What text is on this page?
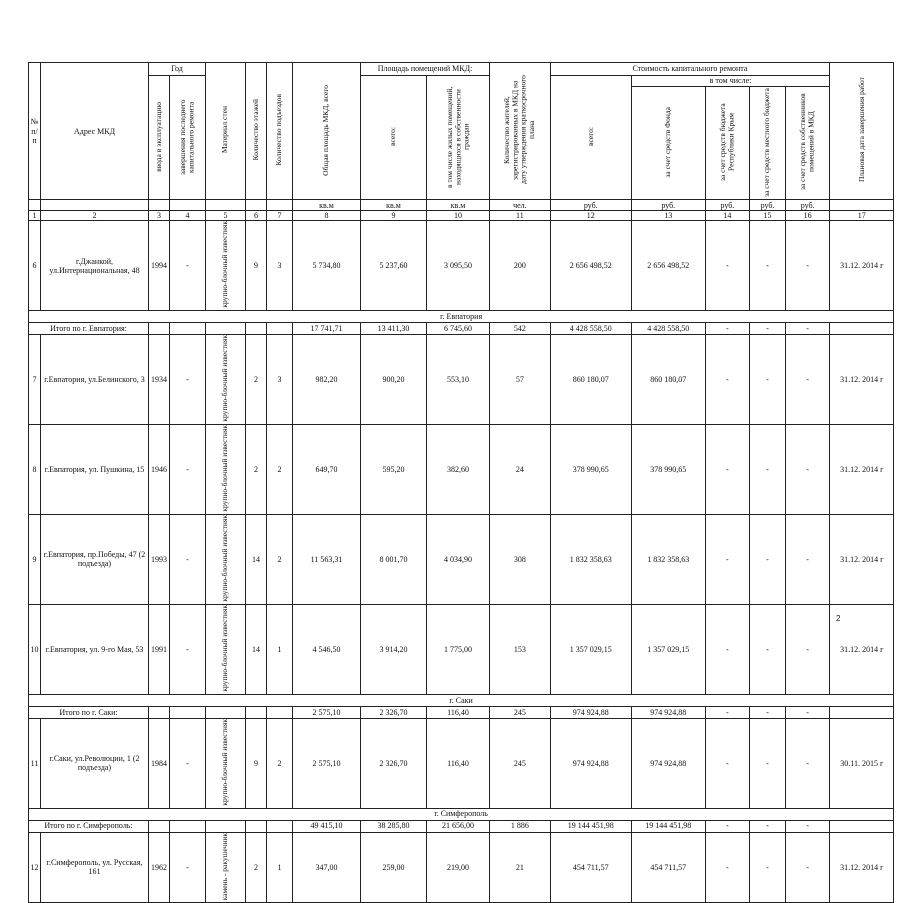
№ п/п	Адрес МКД	Год		Материал стен	Количество этажей	Количество подъездов	Общая площадь МКД, всего	Площадь помещений МКД:		Количество жителей, зарегистрированных в МКД на дату утверждения краткосрочного плана	Стоимость капитального ремонта					Плановая дата завершения работ
		ввода в эксплуатацию	завершения последнего капитального ремонта					всего:	в том числе жилых помещений, находящихся в собственности граждан		всего:	в том числе:				
												за счет средств Фонда	за счет средств бюджета Республики Крым	за счет средств местного бюджета	за счет средств собственников помещений в МКД	
							кв.м	кв.м	кв.м	чел.	руб.	руб.	руб.	руб.	руб.	
1	2	3	4	5	6	7	8	9	10	11	12	13	14	15	16	17
6	г.Джанкой, ул.Интернациональная, 48	1994	-	крупно-блочный известняк	9	3	5 734,80	5 237,60	3 095,50	200	2 656 498,52	2 656 498,52	-	-	-	31.12. 2014 г
г. Евпатория																
Итого по г. Евпатория:							17 741,71	13 411,30	6 745,60	542	4 428 558,50	4 428 558,50	-	-	-	
7	г.Евпатория, ул.Белинского, 3	1934	-	крупно-блочный известняк	2	3	982,20	900,20	553,10	57	860 180,07	860 180,07	-	-	-	31.12. 2014 г
8	г.Евпатория, ул. Пушкина, 15	1946	-	крупно-блочный известняк	2	2	649,70	595,20	382,60	24	378 990,65	378 990,65	-	-	-	31.12. 2014 г
9	г.Евпатория, пр.Победы, 47 (2 подъезда)	1993	-	крупно-блочный известняк	14	2	11 563,31	8 001,70	4 034,90	308	1 832 358,63	1 832 358,63	-	-	-	31.12. 2014 г
10	г.Евпатория, ул. 9-го Мая, 53	1991	-	крупно-блочный известняк	14	1	4 546,50	3 914,20	1 775,00	153	1 357 029,15	1 357 029,15	-	-	-	31.12. 2014 г
г. Саки																
Итого по г. Саки:							2 575,10	2 326,70	116,40	245	974 924,88	974 924,88	-	-	-	
11	г.Саки, ул.Революции, 1 (2 подъезда)	1984	-	крупно-блочный известняк	9	2	2 575,10	2 326,70	116,40	245	974 924,88	974 924,88	-	-	-	30.11. 2015 г
г. Симферополь																
Итого по г. Симферополь:							49 415,10	38 285,80	21 656,00	1 886	19 144 451,98	19 144 451,98	-	-	-	
12	г.Симферополь, ул. Русская, 161	1962	-	камень - ракушечник	2	1	347,00	259,00	219,00	21	454 711,57	454 711,57	-	-	-	31.12. 2014 г
2
